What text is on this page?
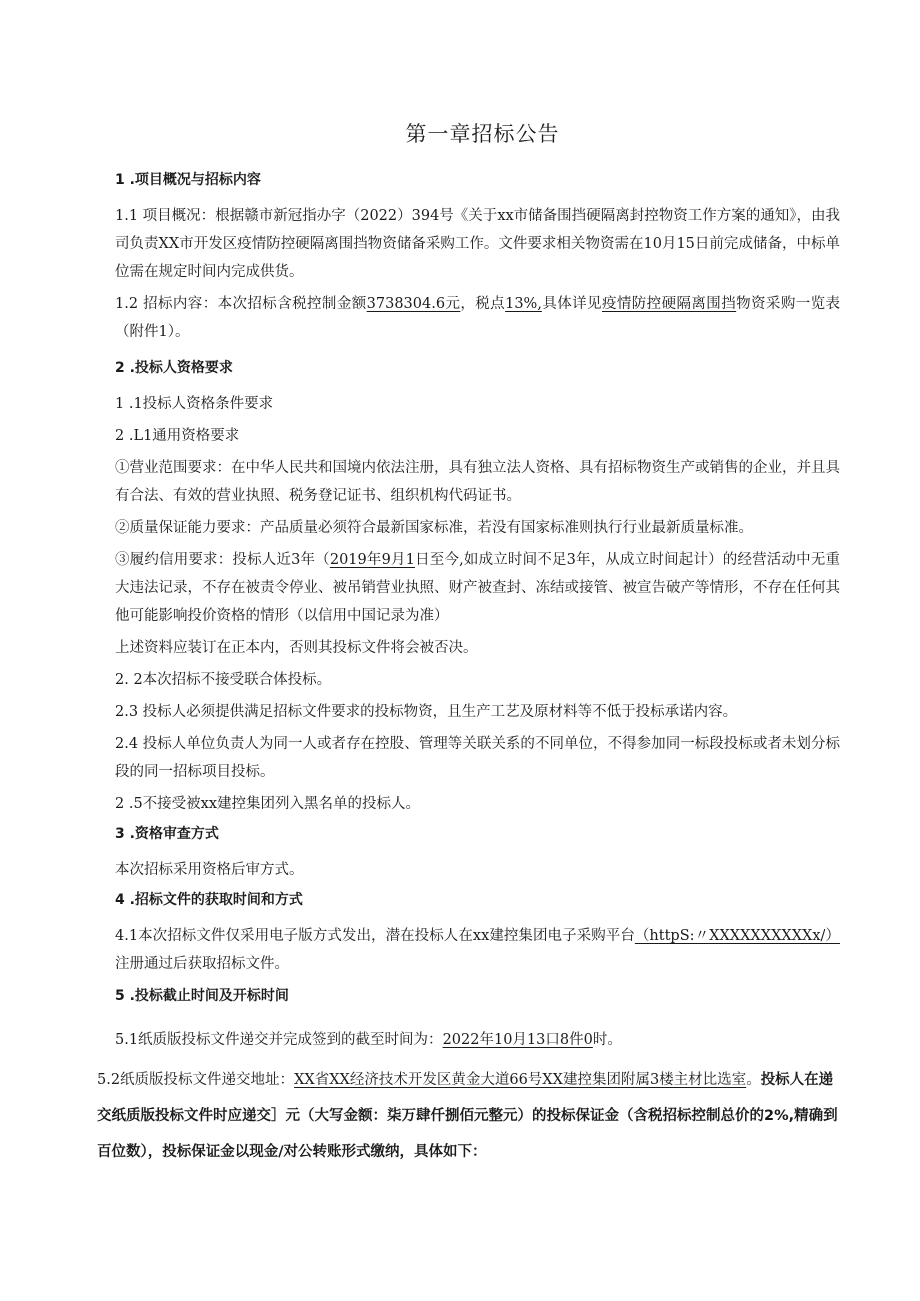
第一章招标公告
1 .项目概况与招标内容

1.1 项目概况：根据赣市新冠指办字（2022）394号《关于xx市储备围挡硬隔离封控物资工作方案的通知》，由我司负责XX市开发区疫情防控硬隔离围挡物资储备采购工作。文件要求相关物资需在10月15日前完成储备，中标单位需在规定时间内完成供货。

1.2 招标内容：本次招标含税控制金额3738304.6元，税点13%,具体详见疫情防控硬隔离围挡物资采购一览表（附件1）。

2 .投标人资格要求

1 .1投标人资格条件要求

2 .L1通用资格要求

①营业范围要求：在中华人民共和国境内依法注册，具有独立法人资格、具有招标物资生产或销售的企业，并且具有合法、有效的营业执照、税务登记证书、组织机构代码证书。

②质量保证能力要求：产品质量必须符合最新国家标准，若没有国家标准则执行行业最新质量标准。

③履约信用要求：投标人近3年（2019年9月1日至今,如成立时间不足3年，从成立时间起计）的经营活动中无重大违法记录，不存在被责令停业、被吊销营业执照、财产被查封、冻结或接管、被宣告破产等情形，不存在任何其他可能影响投价资格的情形（以信用中国记录为准）

上述资料应装订在正本内，否则其投标文件将会被否决。

2. 2本次招标不接受联合体投标。

2.3 投标人必须提供满足招标文件要求的投标物资，且生产工艺及原材料等不低于投标承诺内容。

2.4 投标人单位负责人为同一人或者存在控股、管理等关联关系的不同单位，不得参加同一标段投标或者未划分标段的同一招标项目投标。

2 .5不接受被xx建控集团列入黑名单的投标人。

3 .资格审查方式

本次招标采用资格后审方式。

4 .招标文件的获取时间和方式

4.1本次招标文件仅采用电子版方式发出，潜在投标人在xx建控集团电子采购平台（httpS:〃XXXXXXXXXXx/）注册通过后获取招标文件。

5 .投标截止时间及开标时间

5.1纸质版投标文件递交并完成签到的截至时间为：2022年10月13口8件0时。

5.2纸质版投标文件递交地址：XX省XX经济技术开发区黄金大道66号XX建控集团附属3楼主材比选室。投标人在递交纸质版投标文件时应递交］元（大写金额：柒万肆仟捌佰元整元）的投标保证金（含税招标控制总价的2%,精确到百位数），投标保证金以现金/对公转账形式缴纳，具体如下：
